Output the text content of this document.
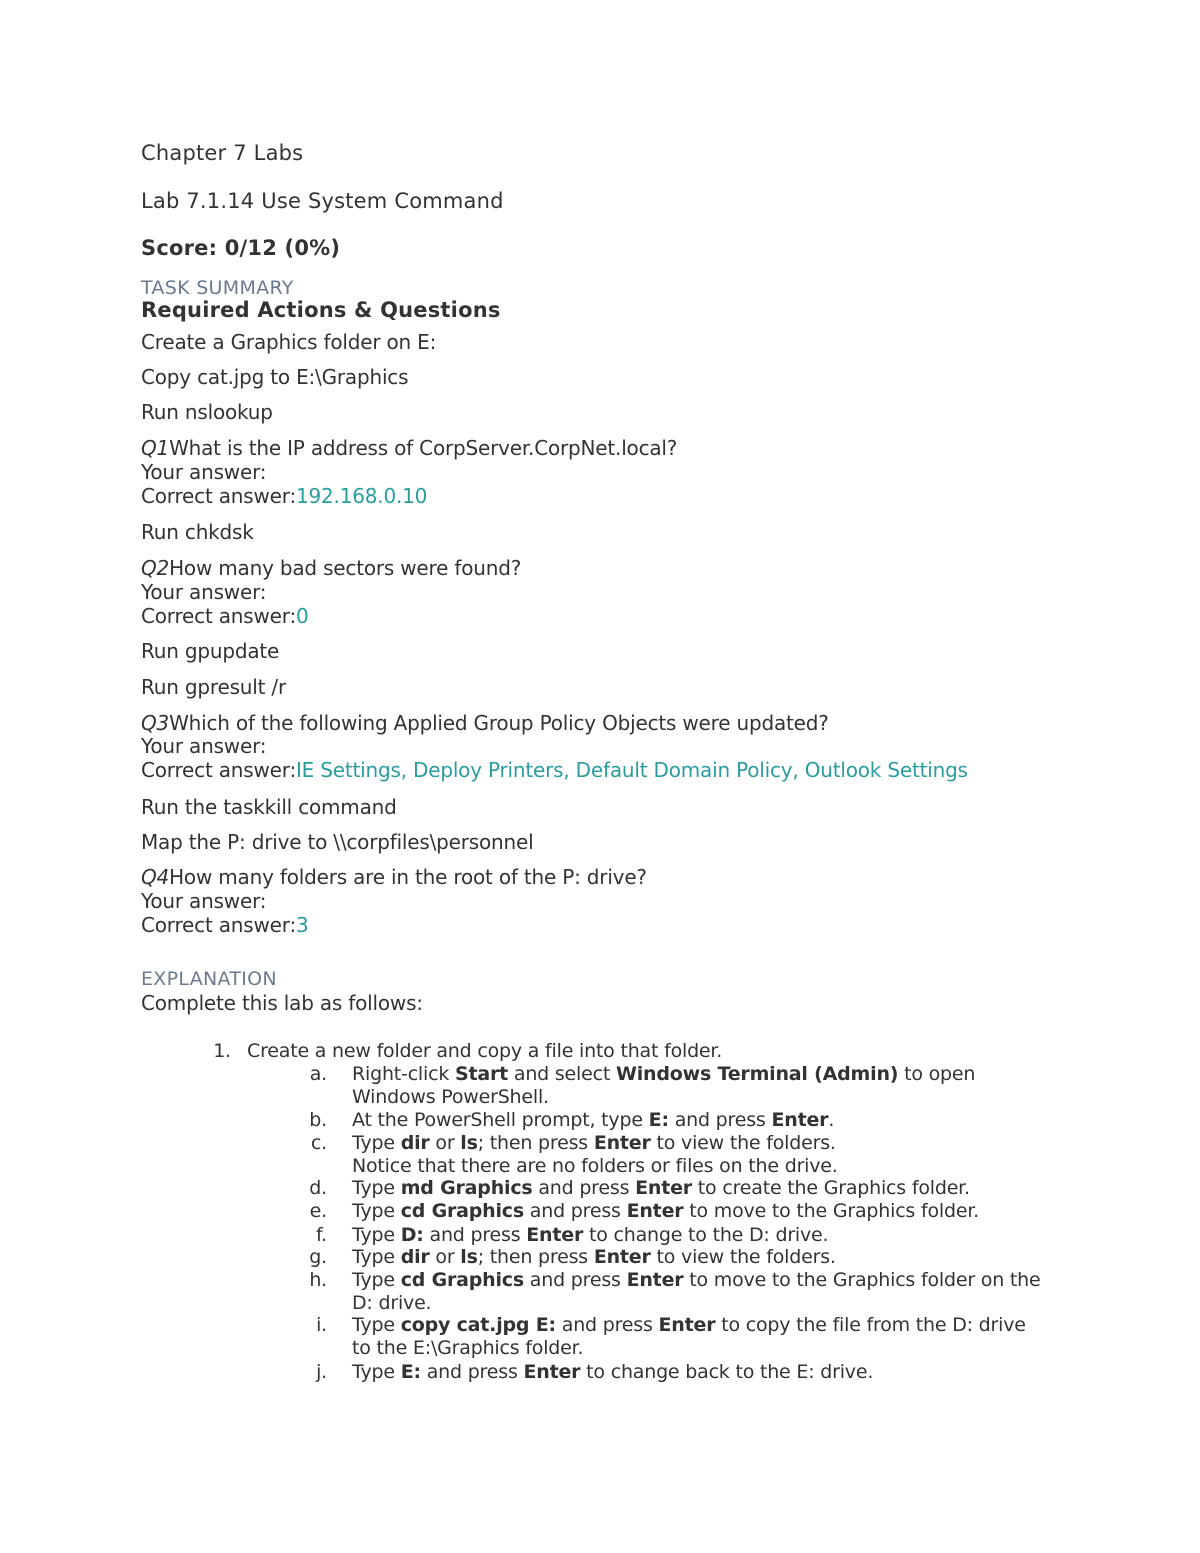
Chapter 7 Labs
Lab 7.1.14 Use System Command
Score: 0/12 (0%)
TASK SUMMARY
Required Actions & Questions
Create a Graphics folder on E:
Copy cat.jpg to E:\Graphics
Run nslookup
Q1What is the IP address of CorpServer.CorpNet.local?
Your answer:
Correct answer:192.168.0.10
Run chkdsk
Q2How many bad sectors were found?
Your answer:
Correct answer:0
Run gpupdate
Run gpresult /r
Q3Which of the following Applied Group Policy Objects were updated?
Your answer:
Correct answer:IE Settings, Deploy Printers, Default Domain Policy, Outlook Settings
Run the taskkill command
Map the P: drive to \\corpfiles\personnel
Q4How many folders are in the root of the P: drive?
Your answer:
Correct answer:3
EXPLANATION
Complete this lab as follows:
1. Create a new folder and copy a file into that folder.
a. Right-click Start and select Windows Terminal (Admin) to open Windows PowerShell.
b. At the PowerShell prompt, type E: and press Enter.
c. Type dir or ls; then press Enter to view the folders.
Notice that there are no folders or files on the drive.
d. Type md Graphics and press Enter to create the Graphics folder.
e. Type cd Graphics and press Enter to move to the Graphics folder.
f. Type D: and press Enter to change to the D: drive.
g. Type dir or ls; then press Enter to view the folders.
h. Type cd Graphics and press Enter to move to the Graphics folder on the D: drive.
i. Type copy cat.jpg E: and press Enter to copy the file from the D: drive to the E:\Graphics folder.
j. Type E: and press Enter to change back to the E: drive.
